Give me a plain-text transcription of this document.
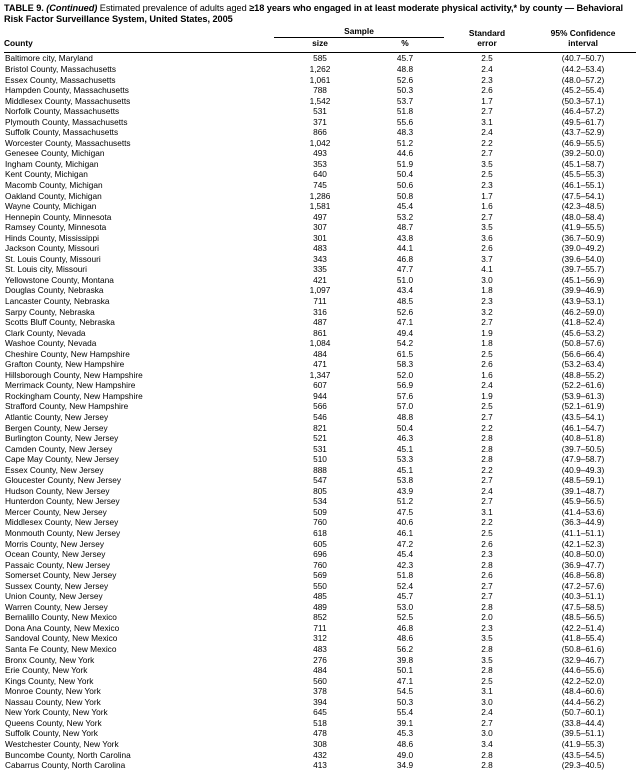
TABLE 9. (Continued) Estimated prevalence of adults aged ≥18 years who engaged in at least moderate physical activity,* by county — Behavioral Risk Factor Surveillance System, United States, 2005

	Sample		Standard	95% Confidence
County	size	%	error	interval

Baltimore city, Maryland	585	45.7	2.5	(40.7–50.7)
Bristol County, Massachusetts	1,262	48.8	2.4	(44.2–53.4)
Essex County, Massachusetts	1,061	52.6	2.3	(48.0–57.2)
Hampden County, Massachusetts	788	50.3	2.6	(45.2–55.4)
Middlesex County, Massachusetts	1,542	53.7	1.7	(50.3–57.1)
Norfolk County, Massachusetts	531	51.8	2.7	(46.4–57.2)
Plymouth County, Massachusetts	371	55.6	3.1	(49.5–61.7)
Suffolk County, Massachusetts	866	48.3	2.4	(43.7–52.9)
Worcester County, Massachusetts	1,042	51.2	2.2	(46.9–55.5)
Genesee County, Michigan	493	44.6	2.7	(39.2–50.0)
Ingham County, Michigan	353	51.9	3.5	(45.1–58.7)
Kent County, Michigan	640	50.4	2.5	(45.5–55.3)
Macomb County, Michigan	745	50.6	2.3	(46.1–55.1)
Oakland County, Michigan	1,286	50.8	1.7	(47.5–54.1)
Wayne County, Michigan	1,581	45.4	1.6	(42.3–48.5)
Hennepin County, Minnesota	497	53.2	2.7	(48.0–58.4)
Ramsey County, Minnesota	307	48.7	3.5	(41.9–55.5)
Hinds County, Mississippi	301	43.8	3.6	(36.7–50.9)
Jackson County, Missouri	483	44.1	2.6	(39.0–49.2)
St. Louis County, Missouri	343	46.8	3.7	(39.6–54.0)
St. Louis city, Missouri	335	47.7	4.1	(39.7–55.7)
Yellowstone County, Montana	421	51.0	3.0	(45.1–56.9)
Douglas County, Nebraska	1,097	43.4	1.8	(39.9–46.9)
Lancaster County, Nebraska	711	48.5	2.3	(43.9–53.1)
Sarpy County, Nebraska	316	52.6	3.2	(46.2–59.0)
Scotts Bluff County, Nebraska	487	47.1	2.7	(41.8–52.4)
Clark County, Nevada	861	49.4	1.9	(45.6–53.2)
Washoe County, Nevada	1,084	54.2	1.8	(50.8–57.6)
Cheshire County, New Hampshire	484	61.5	2.5	(56.6–66.4)
Grafton County, New Hampshire	471	58.3	2.6	(53.2–63.4)
Hillsborough County, New Hampshire	1,347	52.0	1.6	(48.8–55.2)
Merrimack County, New Hampshire	607	56.9	2.4	(52.2–61.6)
Rockingham County, New Hampshire	944	57.6	1.9	(53.9–61.3)
Strafford County, New Hampshire	566	57.0	2.5	(52.1–61.9)
Atlantic County, New Jersey	546	48.8	2.7	(43.5–54.1)
Bergen County, New Jersey	821	50.4	2.2	(46.1–54.7)
Burlington County, New Jersey	521	46.3	2.8	(40.8–51.8)
Camden County, New Jersey	531	45.1	2.8	(39.7–50.5)
Cape May County, New Jersey	510	53.3	2.8	(47.9–58.7)
Essex County, New Jersey	888	45.1	2.2	(40.9–49.3)
Gloucester County, New Jersey	547	53.8	2.7	(48.5–59.1)
Hudson County, New Jersey	805	43.9	2.4	(39.1–48.7)
Hunterdon County, New Jersey	534	51.2	2.7	(45.9–56.5)
Mercer County, New Jersey	509	47.5	3.1	(41.4–53.6)
Middlesex County, New Jersey	760	40.6	2.2	(36.3–44.9)
Monmouth County, New Jersey	618	46.1	2.5	(41.1–51.1)
Morris County, New Jersey	605	47.2	2.6	(42.1–52.3)
Ocean County, New Jersey	696	45.4	2.3	(40.8–50.0)
Passaic County, New Jersey	760	42.3	2.8	(36.9–47.7)
Somerset County, New Jersey	569	51.8	2.6	(46.8–56.8)
Sussex County, New Jersey	550	52.4	2.7	(47.2–57.6)
Union County, New Jersey	485	45.7	2.7	(40.3–51.1)
Warren County, New Jersey	489	53.0	2.8	(47.5–58.5)
Bernalillo County, New Mexico	852	52.5	2.0	(48.5–56.5)
Dona Ana County, New Mexico	711	46.8	2.3	(42.2–51.4)
Sandoval County, New Mexico	312	48.6	3.5	(41.8–55.4)
Santa Fe County, New Mexico	483	56.2	2.8	(50.8–61.6)
Bronx County, New York	276	39.8	3.5	(32.9–46.7)
Erie County, New York	484	50.1	2.8	(44.6–55.6)
Kings County, New York	560	47.1	2.5	(42.2–52.0)
Monroe County, New York	378	54.5	3.1	(48.4–60.6)
Nassau County, New York	394	50.3	3.0	(44.4–56.2)
New York County, New York	645	55.4	2.4	(50.7–60.1)
Queens County, New York	518	39.1	2.7	(33.8–44.4)
Suffolk County, New York	478	45.3	3.0	(39.5–51.1)
Westchester County, New York	308	48.6	3.4	(41.9–55.3)
Buncombe County, North Carolina	432	49.0	2.8	(43.5–54.5)
Cabarrus County, North Carolina	413	34.9	2.8	(29.3–40.5)
